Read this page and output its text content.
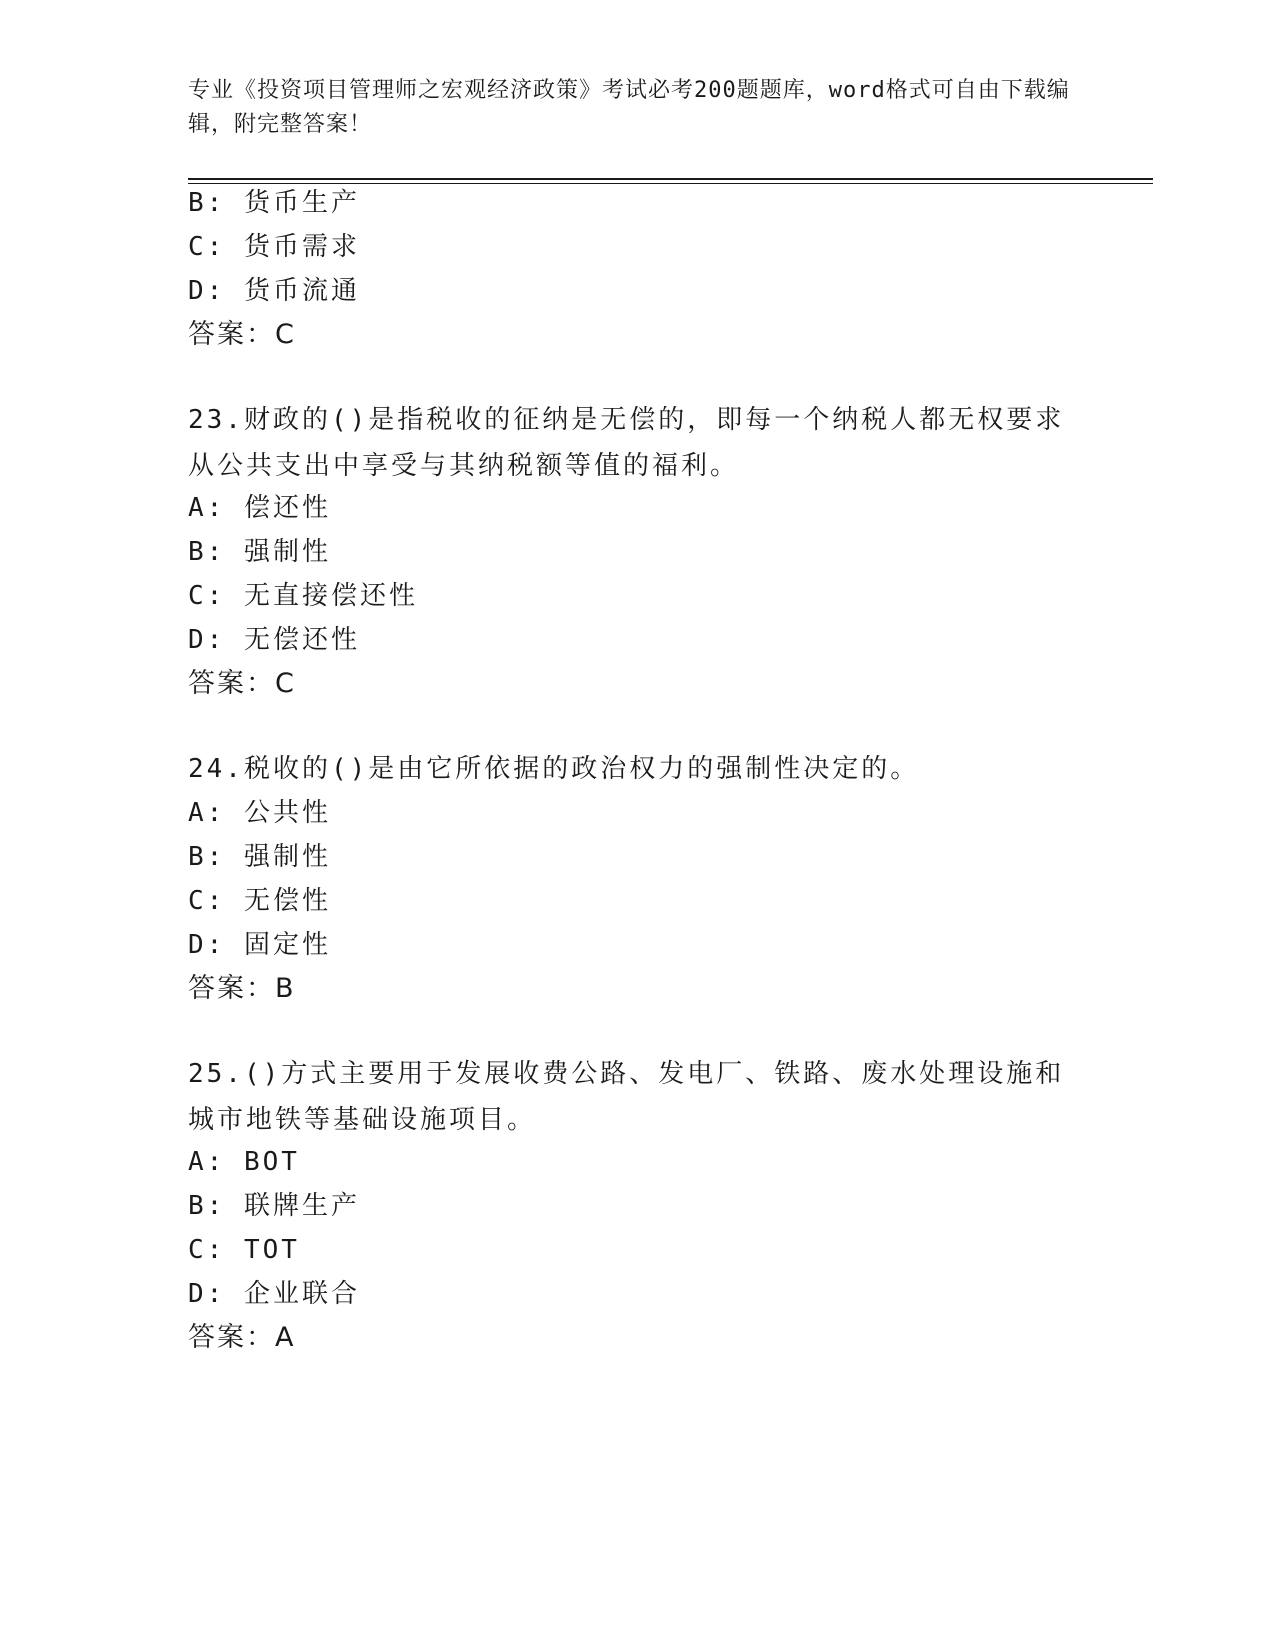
专业《投资项目管理师之宏观经济政策》考试必考200题题库，word格式可自由下载编辑，附完整答案！
B: 货币生产
C: 货币需求
D: 货币流通
答案：C
23.财政的()是指税收的征纳是无偿的，即每一个纳税人都无权要求从公共支出中享受与其纳税额等值的福利。
A: 偿还性
B: 强制性
C: 无直接偿还性
D: 无偿还性
答案：C
24.税收的()是由它所依据的政治权力的强制性决定的。
A: 公共性
B: 强制性
C: 无偿性
D: 固定性
答案：B
25.()方式主要用于发展收费公路、发电厂、铁路、废水处理设施和城市地铁等基础设施项目。
A: BOT
B: 联牌生产
C: TOT
D: 企业联合
答案：A
